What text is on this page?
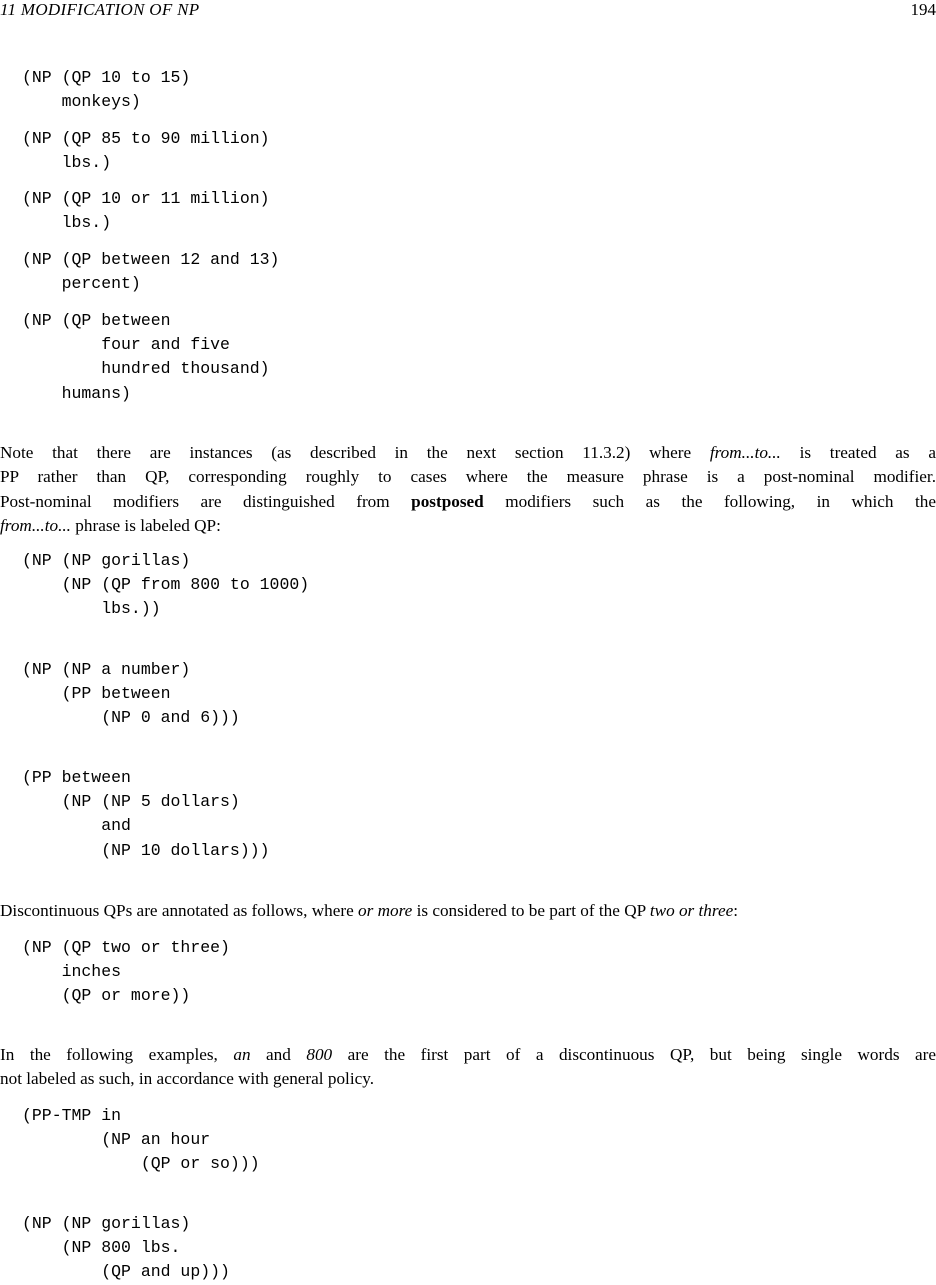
11 MODIFICATION OF NP	194
(NP (QP 10 to 15)
monkeys)
(NP (QP 85 to 90 million)
lbs.)
(NP (QP 10 or 11 million)
lbs.)
(NP (QP between 12 and 13)
percent)
(NP (QP between
four and five
hundred thousand)
humans)
Note that there are instances (as described in the next section 11.3.2) where from...to... is treated as a
PP rather than QP, corresponding roughly to cases where the measure phrase is a post-nominal modifier.
Post-nominal modifiers are distinguished from postposed modifiers such as the following, in which the
from...to... phrase is labeled QP:
(NP (NP gorillas)
(NP (QP from 800 to 1000)
lbs.))
(NP (NP a number)
(PP between
(NP 0 and 6)))
(PP between
(NP (NP 5 dollars)
and
(NP 10 dollars)))
Discontinuous QPs are annotated as follows, where or more is considered to be part of the QP two or three:
(NP (QP two or three)
inches
(QP or more))
In the following examples, an and 800 are the first part of a discontinuous QP, but being single words are
not labeled as such, in accordance with general policy.
(PP-TMP in
(NP an hour
(QP or so)))
(NP (NP gorillas)
(NP 800 lbs.
(QP and up)))
